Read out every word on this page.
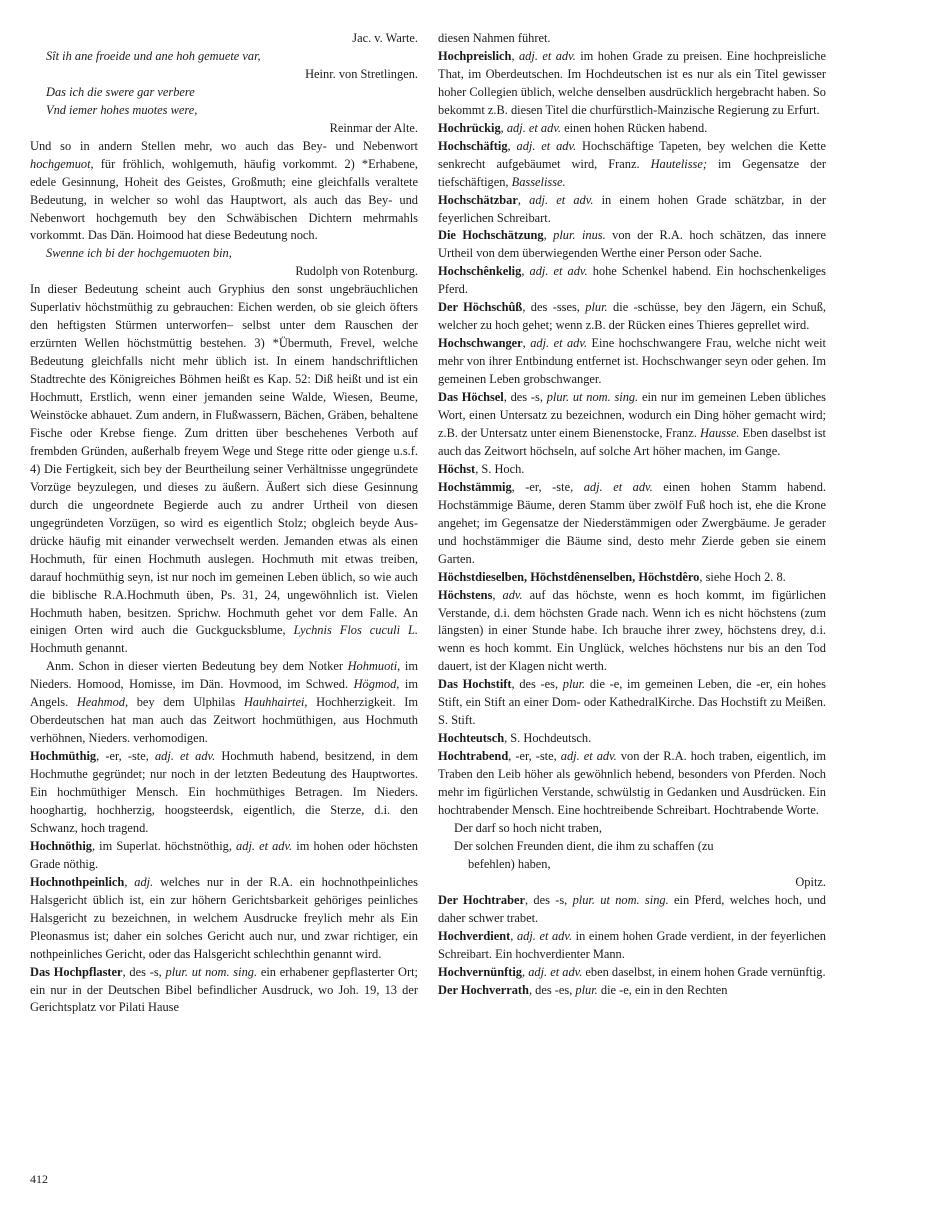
Jac. v. Warte.

Sît ih ane froeide und ane hoh gemuete var,

Heinr. von Stretlingen.

Das ich die swere gar verbere

Vnd iemer hohes muotes were,

Reinmar der Alte.

Und so in andern Stellen mehr, wo auch das Bey- und Nebenwort hochgemuot, für fröhlich, wohlgemuth, häufig vorkommt. 2) *Erhabene, edele Gesinnung, Hoheit des Geistes, Großmuth; eine gleichfalls veraltete Bedeutung, in welcher so wohl das Hauptwort, als auch das Bey- und Nebenwort hochgemuth bey den Schwäbischen Dichtern mehrmahls vorkommt. Das Dän. Hoimood hat diese Bedeutung noch.

Swenne ich bi der hochgemuoten bin,

Rudolph von Rotenburg.

In dieser Bedeutung scheint auch Gryphius den sonst ungebräuchlichen Superlativ höchstmüthig zu gebrauchen: Eichen werden, ob sie gleich öfters den heftigsten Stürmen unterworfen– selbst unter dem Rauschen der erzürnten Wellen höchstmüttig bestehen. 3) *Übermuth, Frevel, welche Bedeutung gleichfalls nicht mehr üblich ist. In einem handschriftlichen Stadtrechte des Königreiches Böhmen heißt es Kap. 52: Diß heißt und ist ein Hochmutt, Erstlich, wenn einer jemanden seine Walde, Wiesen, Beume, Weinstöcke abhauet. Zum andern, in Flußwassern, Bächen, Gräben, behaltene Fische oder Krebse fienge. Zum dritten über beschehenes Verboth auf frembden Gründen, außerhalb freyem Wege und Stege ritte oder gienge u.s.f. 4) Die Fertigkeit, sich bey der Beurtheilung seiner Verhältnisse ungegründete Vorzüge beyzulegen, und dieses zu äußern. Äußert sich diese Gesinnung durch die ungeordnete Begierde auch zu andrer Urtheil von diesen ungegründeten Vorzügen, so wird es eigentlich Stolz; obgleich beyde Ausdrücke häufig mit einander verwechselt werden. Jemanden etwas als einen Hochmuth, für einen Hochmuth auslegen. Hochmuth mit etwas treiben, darauf hochmüthig seyn, ist nur noch im gemeinen Leben üblich, so wie auch die biblische R.A.Hochmuth üben, Ps. 31, 24, ungewöhnlich ist. Vielen Hochmuth haben, besitzen. Sprichw. Hochmuth gehet vor dem Falle. An einigen Orten wird auch die Guckgucksblume, Lychnis Flos cuculi L. Hochmuth genannt.

Anm. Schon in dieser vierten Bedeutung bey dem Notker Hohmuoti, im Nieders. Homood, Homisse, im Dän. Hovmood, im Schwed. Högmod, im Angels. Heahmod, bey dem Ulphilas Hauhhairtei, Hochherzigkeit. Im Oberdeutschen hat man auch das Zeitwort hochmüthigen, aus Hochmuth verhöhnen, Nieders. verhomodigen.

Hochmüthig, -er, -ste, adj. et adv. Hochmuth habend, besitzend, in dem Hochmuthe gegründet; nur noch in der letzten Bedeutung des Hauptwortes. Ein hochmüthiger Mensch. Ein hochmüthiges Betragen. Im Nieders. hooghartig, hochherzig, hoogsteerdsk, eigentlich, die Sterze, d.i. den Schwanz, hoch tragend.

Hochnöthig, im Superlat. höchstnöthig, adj. et adv. im hohen oder höchsten Grade nöthig.

Hochnothpeinlich, adj. welches nur in der R.A. ein hochnothpeinliches Halsgericht üblich ist, ein zur höhern Gerichtsbarkeit gehöriges peinliches Halsgericht zu bezeichnen, in welchem Ausdrucke freylich mehr als Ein Pleonasmus ist; daher ein solches Gericht auch nur, und zwar richtiger, ein nothpeinliches Gericht, oder das Halsgericht schlechthin genannt wird.

Das Hochpflaster, des -s, plur. ut nom. sing. ein erhabener gepflasterter Ort; ein nur in der Deutschen Bibel befindlicher Ausdruck, wo Joh. 19, 13 der Gerichtsplatz vor Pilati Hause

diesen Nahmen führet.

Hochpreislich, adj. et adv. im hohen Grade zu preisen. Eine hochpreisliche That, im Oberdeutschen. Im Hochdeutschen ist es nur als ein Titel gewisser hoher Collegien üblich, welche denselben ausdrücklich hergebracht haben. So bekommt z.B. diesen Titel die churfürstlich-Mainzische Regierung zu Erfurt.

Hochrückig, adj. et adv. einen hohen Rücken habend.

Hochschäftig, adj. et adv. Hochschäftige Tapeten, bey welchen die Kette senkrecht aufgebäumet wird, Franz. Hautelisse; im Gegensatze der tiefschäftigen, Basselisse.

Hochschätzbar, adj. et adv. in einem hohen Grade schätzbar, in der feyerlichen Schreibart.

Die Hochschätzung, plur. inus. von der R.A. hoch schätzen, das innere Urtheil von dem überwiegenden Werthe einer Person oder Sache.

Hochschênkelig, adj. et adv. hohe Schenkel habend. Ein hochschenkeliges Pferd.

Der Höchschûß, des -sses, plur. die -schüsse, bey den Jägern, ein Schuß, welcher zu hoch gehet; wenn z.B. der Rücken eines Thieres geprellet wird.

Hochschwanger, adj. et adv. Eine hochschwangere Frau, welche nicht weit mehr von ihrer Entbindung entfernet ist. Hochschwanger seyn oder gehen. Im gemeinen Leben grobschwanger.

Das Höchsel, des -s, plur. ut nom. sing. ein nur im gemeinen Leben übliches Wort, einen Untersatz zu bezeichnen, wodurch ein Ding höher gemacht wird; z.B. der Untersatz unter einem Bienenstocke, Franz. Hausse. Eben daselbst ist auch das Zeitwort höchseln, auf solche Art höher machen, im Gange.

Höchst, S. Hoch.

Hochstämmig, -er, -ste, adj. et adv. einen hohen Stamm habend. Hochstämmige Bäume, deren Stamm über zwölf Fuß hoch ist, ehe die Krone angehet; im Gegensatze der Niederstämmigen oder Zwergbäume. Je gerader und hochstämmiger die Bäume sind, desto mehr Zierde geben sie einem Garten.

Höchstdieselben, Höchstdênenselben, Höchstdêro, siehe Hoch 2. 8.

Höchstens, adv. auf das höchste, wenn es hoch kommt, im figürlichen Verstande, d.i. dem höchsten Grade nach. Wenn ich es nicht höchstens (zum längsten) in einer Stunde habe. Ich brauche ihrer zwey, höchstens drey, d.i. wenn es hoch kommt. Ein Unglück, welches höchstens nur bis an den Tod dauert, ist der Klagen nicht werth.

Das Hochstift, des -es, plur. die -e, im gemeinen Leben, die -er, ein hohes Stift, ein Stift an einer Dom- oder KathedralKirche. Das Hochstift zu Meißen. S. Stift.

Hochteutsch, S. Hochdeutsch.

Hochtrabend, -er, -ste, adj. et adv. von der R.A. hoch traben, eigentlich, im Traben den Leib höher als gewöhnlich hebend, besonders von Pferden. Noch mehr im figürlichen Verstande, schwülstig in Gedanken und Ausdrücken. Ein hochtrabender Mensch. Eine hochtreibende Schreibart. Hochtrabende Worte.

Der darf so hoch nicht traben,

Der solchen Freunden dient, die ihm zu schaffen (zu

befehlen) haben,

Opitz.

Der Hochtraber, des -s, plur. ut nom. sing. ein Pferd, welches hoch, und daher schwer trabet.

Hochverdient, adj. et adv. in einem hohen Grade verdient, in der feyerlichen Schreibart. Ein hochverdienter Mann.

Hochvernünftig, adj. et adv. eben daselbst, in einem hohen Grade vernünftig.

Der Hochverrath, des -es, plur. die -e, ein in den Rechten

412
